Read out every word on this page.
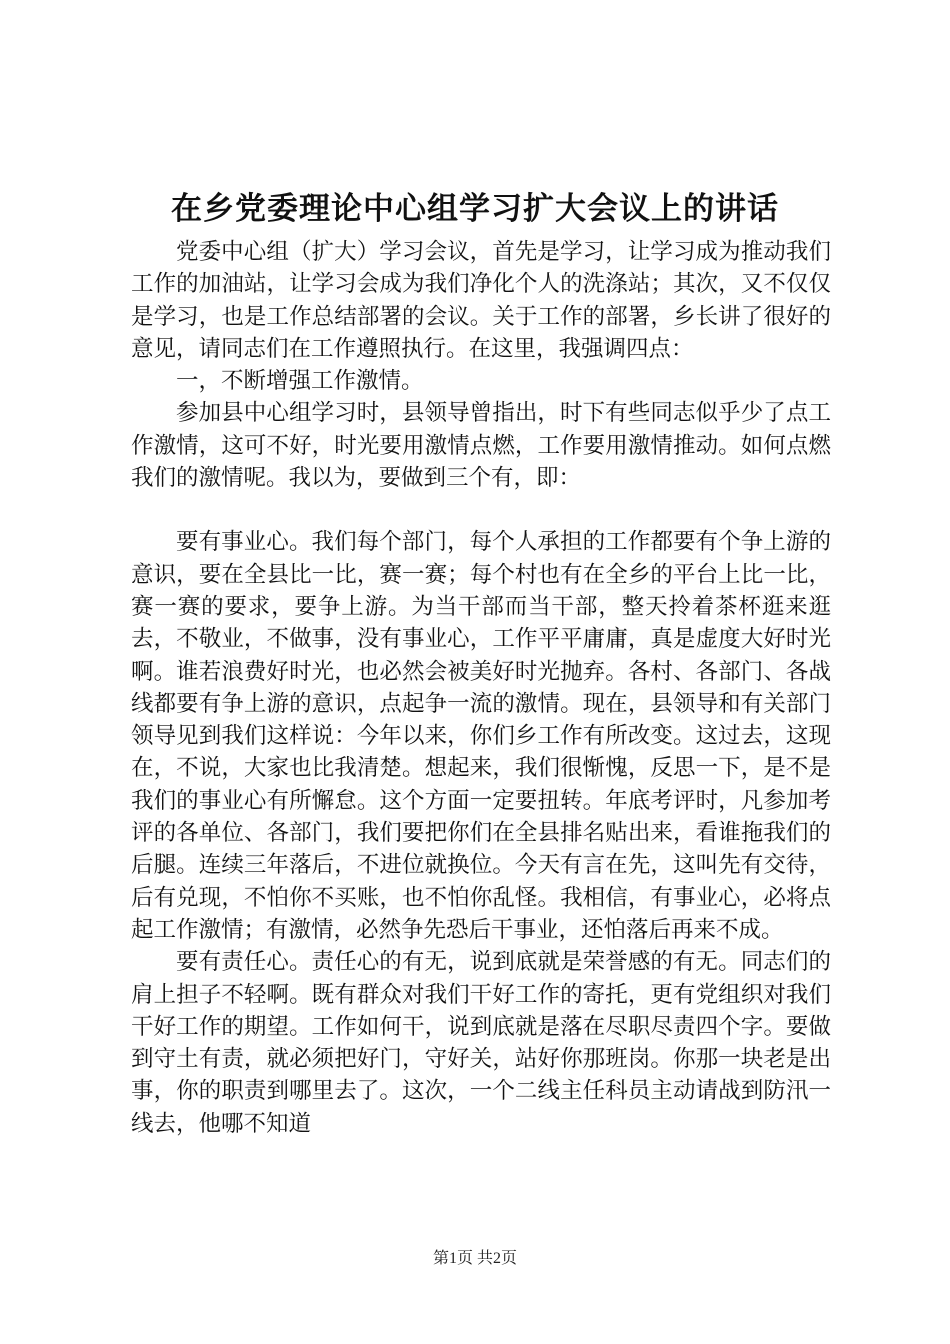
在乡党委理论中心组学习扩大会议上的讲话

党委中心组（扩大）学习会议，首先是学习，让学习成为推动我们工作的加油站，让学习会成为我们净化个人的洗涤站；其次，又不仅仅是学习，也是工作总结部署的会议。关于工作的部署，乡长讲了很好的意见，请同志们在工作遵照执行。在这里，我强调四点：

一，不断增强工作激情。

参加县中心组学习时，县领导曾指出，时下有些同志似乎少了点工作激情，这可不好，时光要用激情点燃，工作要用激情推动。如何点燃我们的激情呢。我以为，要做到三个有，即：

要有事业心。我们每个部门，每个人承担的工作都要有个争上游的意识，要在全县比一比，赛一赛；每个村也有在全乡的平台上比一比，赛一赛的要求，要争上游。为当干部而当干部，整天拎着茶杯逛来逛去，不敬业，不做事，没有事业心，工作平平庸庸，真是虚度大好时光啊。谁若浪费好时光，也必然会被美好时光抛弃。各村、各部门、各战线都要有争上游的意识，点起争一流的激情。现在，县领导和有关部门领导见到我们这样说：今年以来，你们乡工作有所改变。这过去，这现在，不说，大家也比我清楚。想起来，我们很惭愧，反思一下，是不是我们的事业心有所懈怠。这个方面一定要扭转。年底考评时，凡参加考评的各单位、各部门，我们要把你们在全县排名贴出来，看谁拖我们的后腿。连续三年落后，不进位就换位。今天有言在先，这叫先有交待，后有兑现，不怕你不买账，也不怕你乱怪。我相信，有事业心，必将点起工作激情；有激情，必然争先恐后干事业，还怕落后再来不成。

要有责任心。责任心的有无，说到底就是荣誉感的有无。同志们的肩上担子不轻啊。既有群众对我们干好工作的寄托，更有党组织对我们干好工作的期望。工作如何干，说到底就是落在尽职尽责四个字。要做到守土有责，就必须把好门，守好关，站好你那班岗。你那一块老是出事，你的职责到哪里去了。这次，一个二线主任科员主动请战到防汛一线去，他哪不知道

第1页 共2页
